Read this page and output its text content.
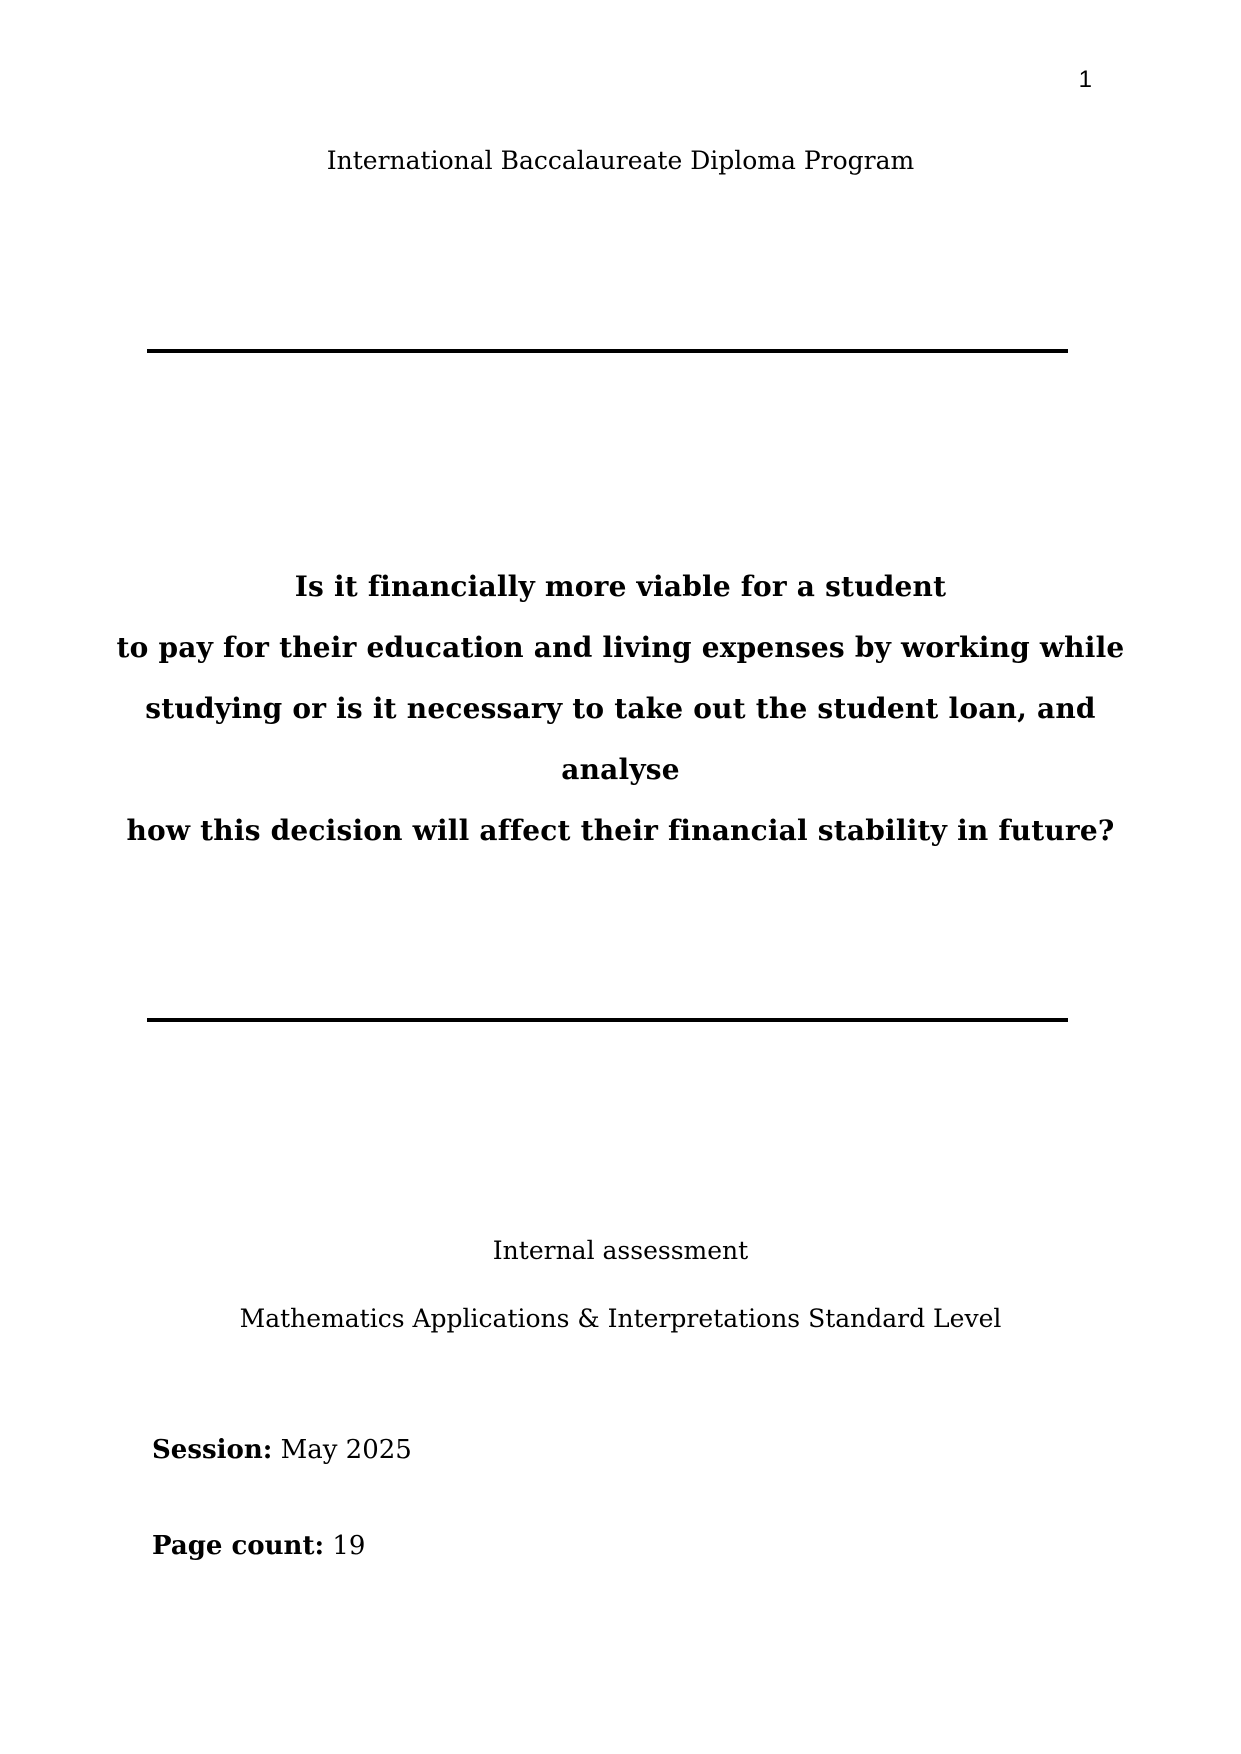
1
International Baccalaureate Diploma Program
Is it financially more viable for a student
to pay for their education and living expenses by working while
studying or is it necessary to take out the student loan, and analyse
how this decision will affect their financial stability in future?
Internal assessment
Mathematics Applications & Interpretations Standard Level
Session: May 2025
Page count: 19
